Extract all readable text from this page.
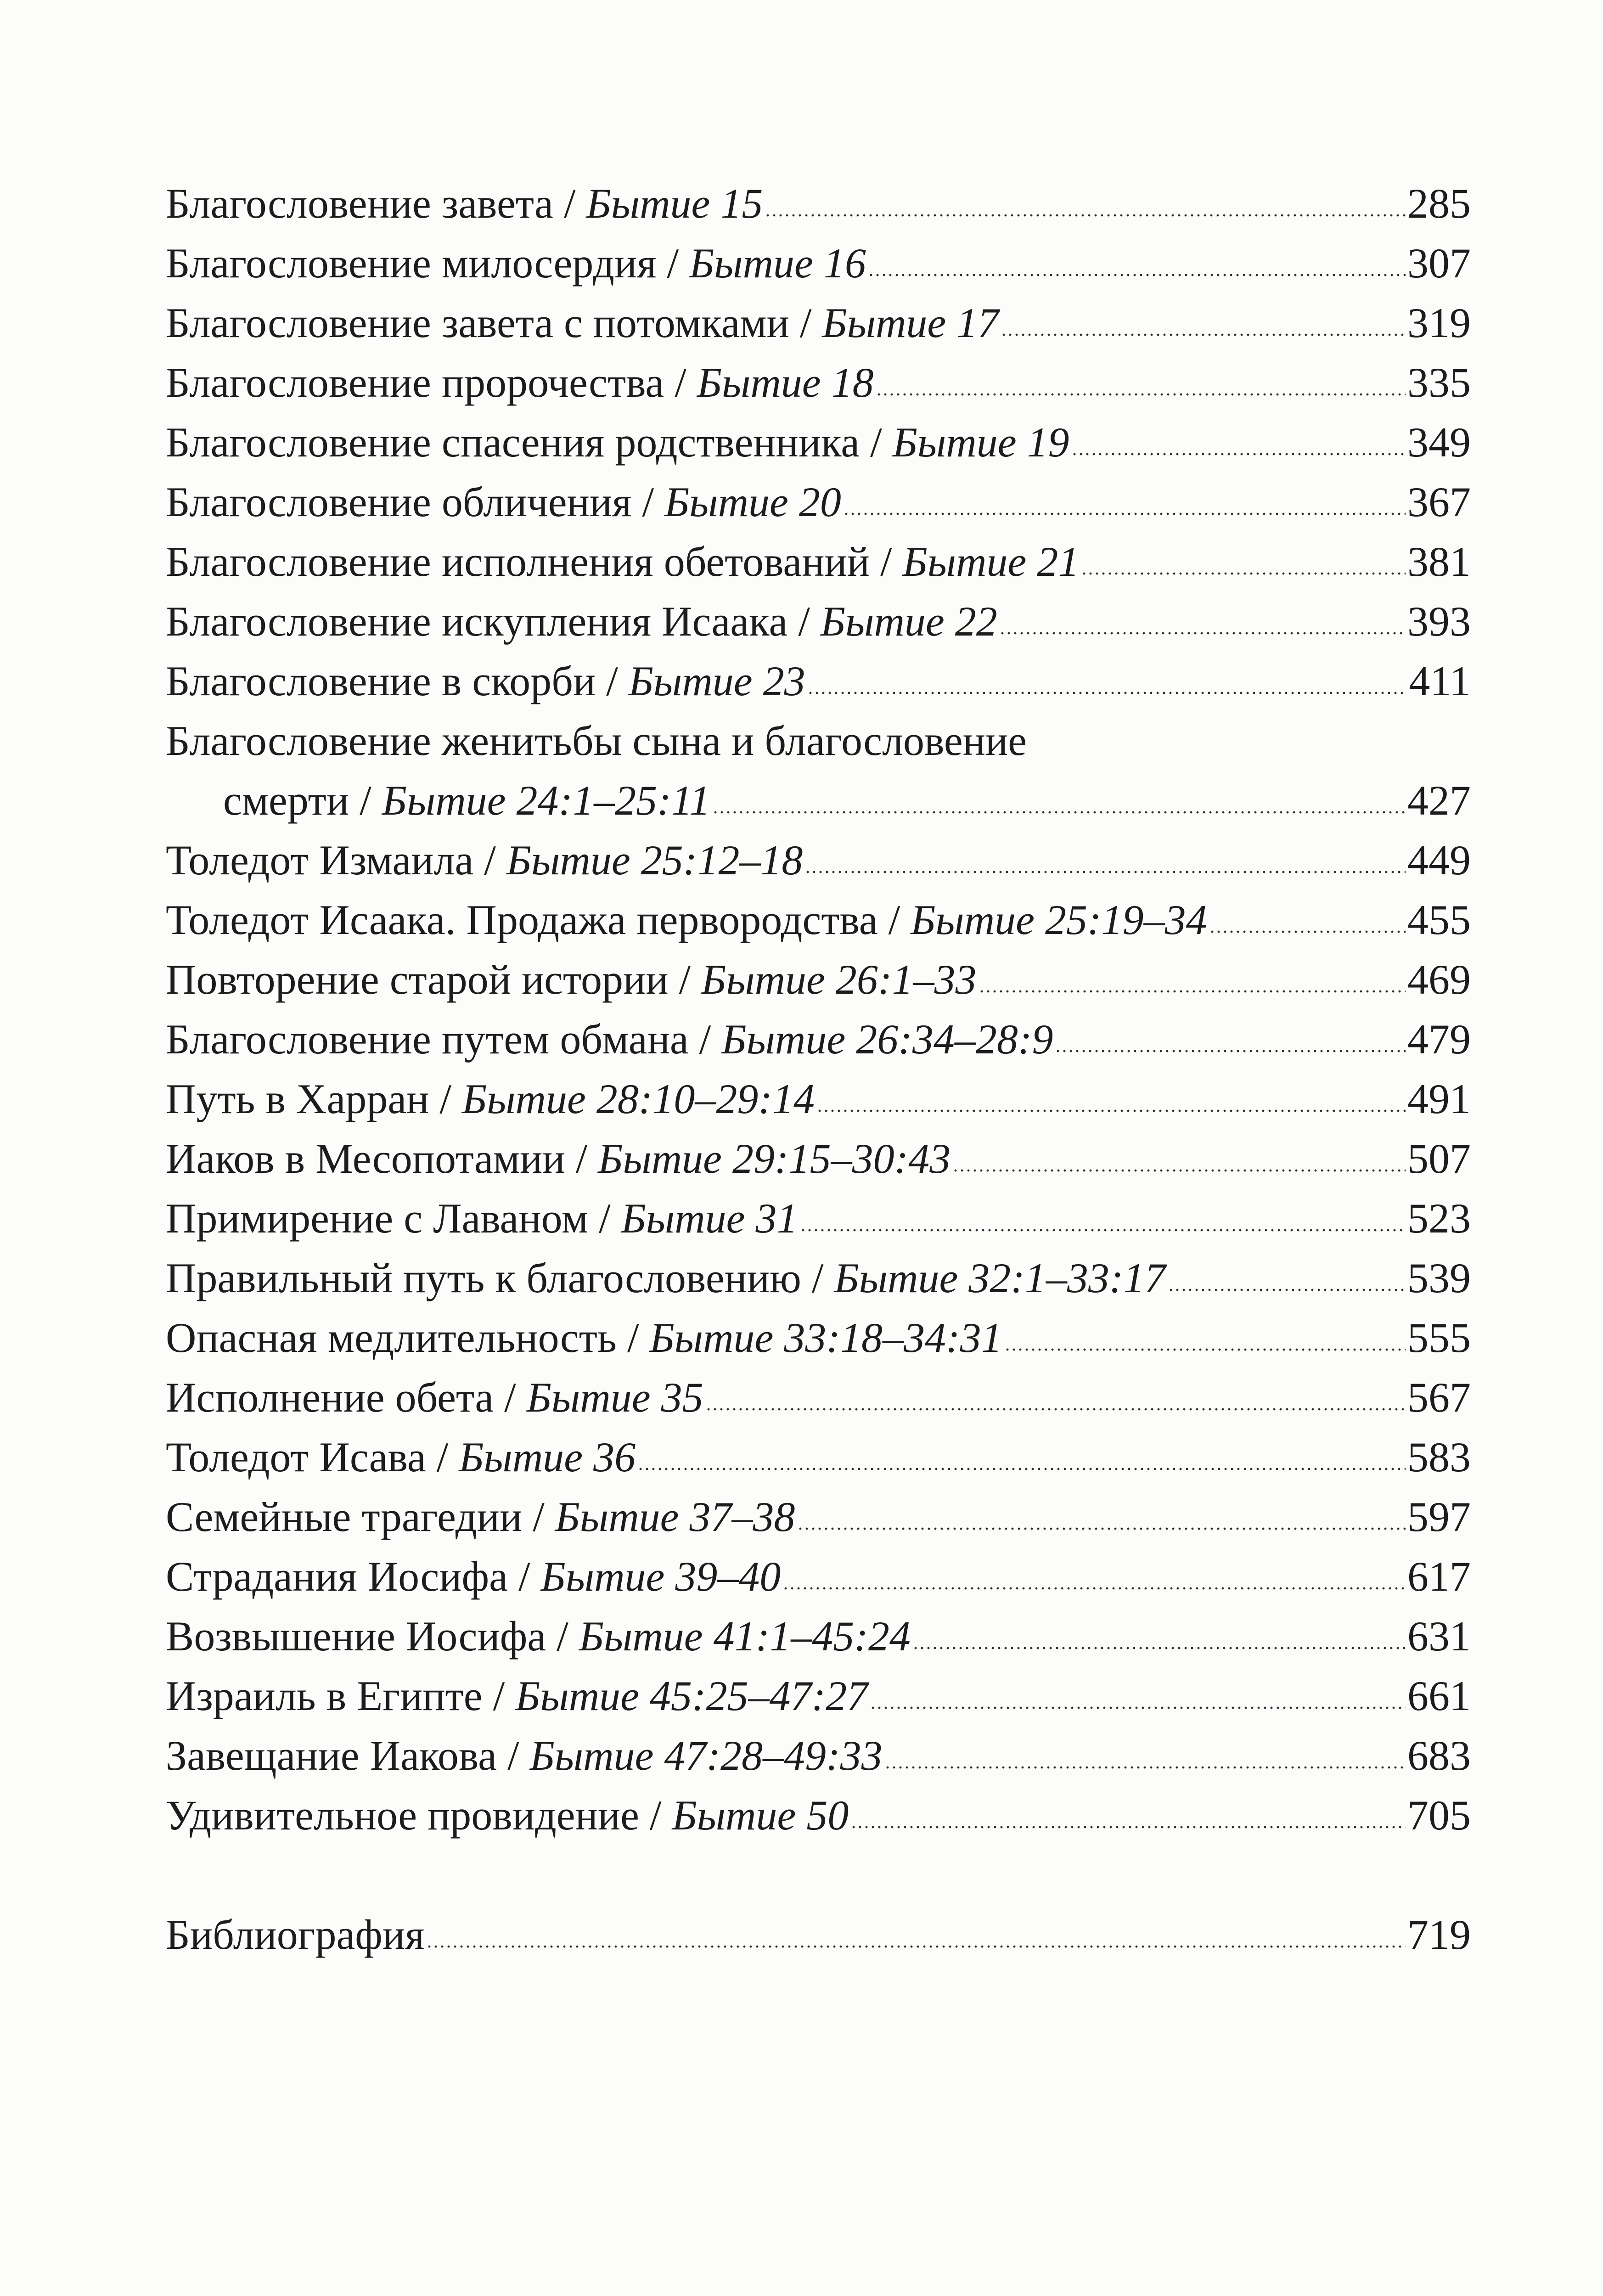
Благословение завета / Бытие 15	285
Благословение милосердия / Бытие 16	307
Благословение завета с потомками / Бытие 17	319
Благословение пророчества / Бытие 18	335
Благословение спасения родственника / Бытие 19	349
Благословение обличения / Бытие 20	367
Благословение исполнения обетований / Бытие 21	381
Благословение искупления Исаака / Бытие 22	393
Благословение в скорби / Бытие 23	411
Благословение женитьбы сына и благословение
смерти / Бытие 24:1–25:11	427
Толедот Измаила / Бытие 25:12–18	449
Толедот Исаака. Продажа первородства / Бытие 25:19–34	455
Повторение старой истории / Бытие 26:1–33	469
Благословение путем обмана / Бытие 26:34–28:9	479
Путь в Харран / Бытие 28:10–29:14	491
Иаков в Месопотамии / Бытие 29:15–30:43	507
Примирение с Лаваном / Бытие 31	523
Правильный путь к благословению / Бытие 32:1–33:17	539
Опасная медлительность / Бытие 33:18–34:31	555
Исполнение обета / Бытие 35	567
Толедот Исава / Бытие 36	583
Семейные трагедии / Бытие 37–38	597
Страдания Иосифа / Бытие 39–40	617
Возвышение Иосифа / Бытие 41:1–45:24	631
Израиль в Египте / Бытие 45:25–47:27	661
Завещание Иакова / Бытие 47:28–49:33	683
Удивительное провидение / Бытие 50	705
Библиография	719
